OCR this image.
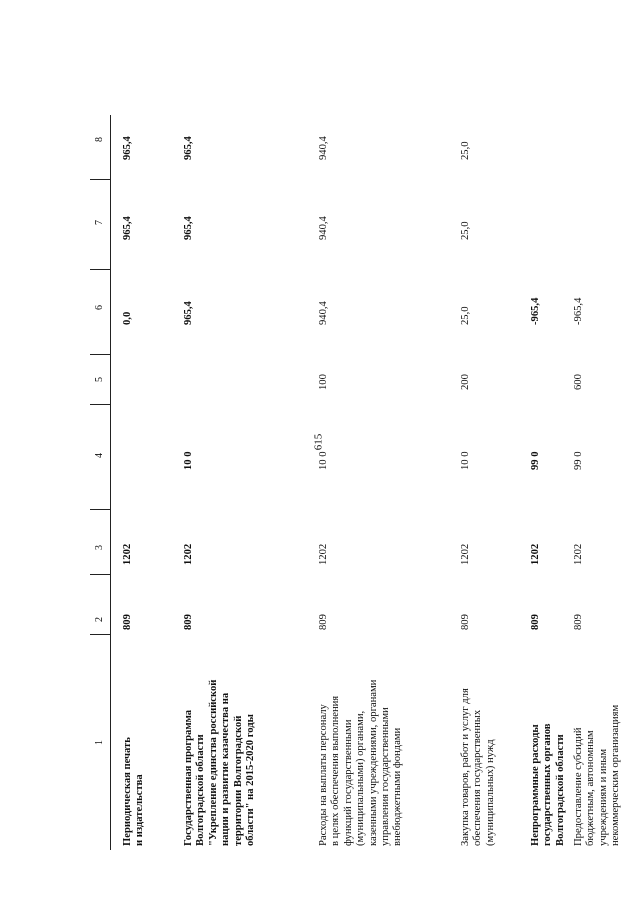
615
1
2
3
4
5
6
7
8
Периодическая печать и издательства
809
1202
0,0
965,4
965,4
Государственная программа Волгоградской области "Укрепление единства российской нации и развитие казачества на территории Волгоградской области" на 2015-2020 годы
809
1202
10 0
965,4
965,4
965,4
Расходы на выплаты персоналу в целях обеспечения выполнения функций государственными (муниципальными) органами, казенными учреждениями, органами управления государственными внебюджетными фондами
809
1202
10 0
100
940,4
940,4
940,4
Закупка товаров, работ и услуг для обеспечения государственных (муниципальных) нужд
809
1202
10 0
200
25,0
25,0
25,0
Непрограммные расходы государственных органов Волгоградской области
809
1202
99 0
-965,4
Предоставление субсидий бюджетным, автономным учреждениям и иным некоммерческим организациям
809
1202
99 0
600
-965,4
